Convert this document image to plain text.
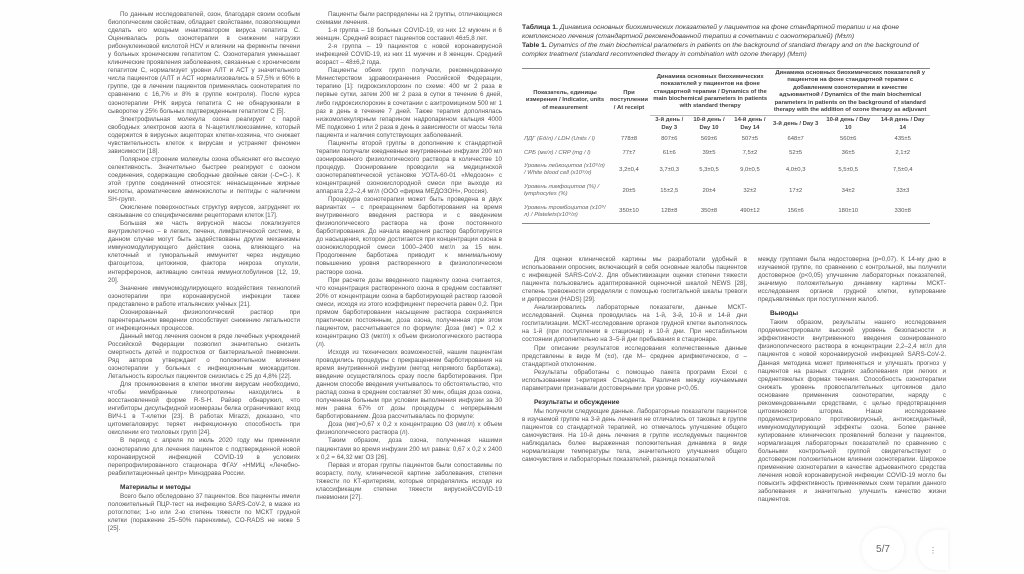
По данным исследователей, озон, благодаря своим особым биологическим свойствам, обладает свойствами, позволяющими сделать его мощным инактиватором вируса гепатита С. Оценивалась роль озонотерапии в снижении нагрузки рибонуклеиновой кислотой HCV и влиянии на ферменты печени у больных хроническим гепатитом С. Озонотерапия уменьшает клинические проявления заболевания, связанные с хроническим гепатитом С, нормализует уровни АЛТ и АСТ у значительного числа пациентов (АЛТ и АСТ нормализовались в 57,5% и 60% в группе, где в лечении пациентов применялась озонотерапия по сравнению с 16,7% и 8% в группе контроля). После курса озонотерапии РНК вируса гепатита С не обнаруживали в сыворотке у 25% больных подтвержденным гепатитом С [5].

Электрофильная молекула озона реагирует с парой свободных электронов азота в N-ацетилглюкозамине, который содержится в вирусных акцепторах клетки-хозяина, что снижает чувствительность клеток к вирусам и устраняет феномен зависимости [18].

Полярное строение молекулы озона объясняет его высокую селективность. Значительно быстрее реагируют с озоном соединения, содержащие свободные двойные связи (-С=С-). К этой группе соединений относятся: ненасыщенные жирные кислоты, ароматические аминокислоты и пептиды с наличием SH-групп.

Окисление поверхностных структур вирусов, затрудняет их связывание со специфическими рецепторами клеток [17].

Большая же часть вирусной массы локализуется внутриклеточно – в легких, печени, лимфатической системе, в данном случае могут быть задействованы другие механизмы иммуномодулирующего действия озона, влияющего на клеточный и гуморальный иммунитет через индукцию фагоцитоза, цитокинов, фактора некроза опухоли, интерферонов, активацию синтеза иммуноглобулинов [12, 19, 20].

Значение иммуномодулирующего воздействия технологий озонотерапии при коронавирусной инфекции также представлено в работе итальянских учёных [21].

Озонированный физиологический раствор при парентеральном введении способствует снижению летальности от инфекционных процессов.

Данный метод лечения озоном в ряде лечебных учреждений Российской Федерации позволил значительно снизить смертность детей и подростков от бактериальной пневмонии. Ряд авторов утверждает о положительном влиянии озонотерапии у больных с инфекционным миокардитом. Летальность взрослых пациентов снизилась с 25 до 4,8% [22].

Для проникновения в клетки многим вирусам необходимо, чтобы мембранные гликопротеины находились в восстановленной форме R-S-H. Райзер обнаружил, что ингибиторы дисульфидной изомеразы белка ограничивают вход ВИЧ-1 в Т-клетки [23]. В работах Mirazzi, доказано, что цитомегаловирус теряет инфекционную способность при окислении его тиоловых групп [24].

В период с апреля по июль 2020 году мы применяли озонотерапию для лечения пациентов с подтвержденной новой коронавирусной инфекцией COVID-19 в условиях перепрофилированного стационара ФГАУ «НМИЦ «Лечебно-реабилитационный центр» Минздрава России.

Материалы и методы

Всего было обследовано 37 пациентов. Все пациенты имели положительный ПЦР-тест на инфекцию SARS-CoV-2, в мазке из ротоглотки; 1-ю или 2-ю степень тяжести по МСКТ грудной клетки (поражение 25–50% паренхимы), CO-RADS не ниже 5 [25].

Пациенты были распределены на 2 группы, отличающиеся схемами лечения.

1-я группа – 18 больных COVID-19, из них 12 мужчин и 6 женщин. Средний возраст пациентов составил 46±5,8 лет.

2-я группа – 19 пациентов с новой коронавирусной инфекцией COVID-19, из них 11 мужчин и 8 женщин. Средний возраст – 48±6,2 года.

Пациенты обеих групп получали, рекомендованную Министерством здравоохранения Российской Федерации, терапию [1]: гидроксихлорохин по схеме: 400 мг 2 раза в первые сутки, затем 200 мг 2 раза в сутки в течение 6 дней, либо гидроксихлорохин в сочетании с азитромицином 500 мг 1 раз в день в течение 7 дней. Также терапия дополнялась низкомолекулярным гепарином надропарином кальция 4000 МЕ подкожно 1 или 2 раза в день в зависимости от массы тела пациента и наличия сопутствующих заболеваний.

Пациенты второй группы в дополнение к стандартной терапии получали ежедневные внутривенные инфузии 200 мл озонированного физиологического раствора в количестве 10 процедур. Озонирование проводили на медицинской озонотерапевтической установке УОТА-60-01 «Медозон» с концентрацией озонокислородной смеси при выходе из аппарата 2,2–2,4 мг/л (ООО «фирма МЕДОЗОН», Россия).

Процедура озонотерапии может быть проведена в двух вариантах – с прекращением барботирования на время внутривенного введения раствора и с введением физиологического раствора на фоне постоянного барботирования. До начала введения раствор барботируется до насыщения, которое достигается при концентрации озона в озонокислородной смеси 1000–2400 мкг/л за 15 мин. Продолжение барботажа приводит к минимальному повышению уровня растворенного в физиологическом растворе озона.

При расчете дозы введенного пациенту озона считается, что концентрация растворенного озона в среднем составляет 20% от концентрации озона в барботирующей раствор газовой смеси, исходя из этого коэффициент пересчета равен 0,2. При прямом барботировании насыщение раствора сохраняется практически постоянным, доза озона, полученная при этом пациентом, рассчитывается по формуле: Доза (мкг) = 0,2 х концентрацию О3 (мкг/л) х объем физиологического раствора (л).

Исходя из технических возможностей, нашим пациентам проводились процедуры с прекращением барботирования на время внутривенной инфузии (метод непрямого барботажа), введение осуществлялось сразу после барботирования. При данном способе введения учитывалось то обстоятельство, что распад озона в среднем составляет 30 мин, общая доза озона, полученная больным при условии выполнения инфузии за 30 мин равна 67% от дозы процедуры с непрерывным барботированием. Доза рассчитывалась по формуле:

Доза (мкг)=0,67 х 0,2 х концентрацию О3 (мкг/л) х объем физиологического раствора (л).

Таким образом, доза озона, полученная нашими пациентами во время инфузии 200 мл равна: 0,67 х 0,2 х 2400 х 0,2 = 64,32 мкг О3 [26].

Первая и вторая группы пациентов были сопоставимы по возрасту, полу, клинической картине заболевания, степени тяжести по КТ-критериям, которые определялись исходя из классификации степени тяжести вирусной/COVID-19 пневмонии [27].

Таблица 1. Динамика основных биохимических показателей у пациентов на фоне стандартной терапии и на фоне комплексного лечения (стандартной рекомендованной терапии в сочетании с озонотерапией) (M±m)
Table 1. Dynamics of the main biochemical parameters in patients on the background of standard therapy and on the background of complex treatment (standard recommended therapy in combination with ozone therapy) (M±m)
Показатель, единицы измерения / Indicator, units of measurement	При поступлении / At receipt	Динамика основных биохимических показателей у пациентов на фоне стандартной терапии / Dynamics of the main biochemical parameters in patients with standard therapy			Динамика основных биохимических показателей у пациентов на фоне стандартной терапии с добавлением озонотерапии в качестве адъювантной / Dynamics of the main biochemical parameters in patients on the background of standard therapy with the addition of ozone therapy as adjuvant		
		3-й день / Day 3	10-й день / Day 10	14-й день / Day 14	3-й день / Day 3	10-й день / Day 10	14-й день / Day 14
ЛДГ (Ед/л) / LDH (Units / l)	778±8	807±6	569±6	507±5	648±7	560±6	435±5
СРБ (мг/л) / CRP (mg / l)	77±7	61±6	39±5	7,5±2	52±5	36±5	2,1±2
Уровень лейкоцитов (х10⁹/л) / White blood cell (х10⁹/л)	3,2±0,4	3,7±0,3	5,3±0,5	9,0±0,5	4,0±0,3	5,5±0,5	7,5±0,4
Уровень лимфоцитов (%) / lymphocytes (%)	20±5	15±2,5	20±4	32±2	17±2	34±2	33±3
Уровень тромбоцитов (х10⁹/л) / Platelets(х10⁹/л)	350±10	128±8	350±8	490±12	156±6	180±10	330±8

Для оценки клинической картины мы разработали удобный в использовании опросник, включающий в себя основные жалобы пациентов с инфекцией SARS-CoV-2. Для объективизации оценки степени тяжести пациента пользовались адаптированной оценочной шкалой NEWS [28], степень тревожности определяли с помощью госпитальной шкалы тревоги и депрессии (HADS) [29].

Анализировались лабораторные показатели, данные МСКТ-исследований. Оценка проводилась на 1-й, 3-й, 10-й и 14-й дни госпитализации. МСКТ-исследование органов грудной клетки выполнялось на 1-й (при поступлении в стационар) и 10-й дни. При нестабильном состоянии дополнительно на 3–5-й дни пребывания в стационаре.

При описании результатов исследования количественные данные представлены в виде М (±σ), где М– среднее арифметическое, σ – стандартной отклонение.

Результаты обработаны с помощью пакета программ Excel с использованием t-критерия Стьюдента. Различия между изучаемыми параметрами признавали достоверными при уровне p<0,05.

Результаты и обсуждение

Мы получили следующие данные. Лабораторные показатели пациентов в изучаемой группе на 3-й день лечения не отличались от таковых в группе пациентов со стандартной терапией, но отмечалось улучшение общего самочувствия. На 10-й день лечения в группе исследуемых пациентов наблюдалась более выраженная положительная динамика в виде нормализации температуры тела, значительного улучшения общего самочувствия и лабораторных показателей, разница показателей

между группами была недостоверна (p=0,07). К 14-му дню в изучаемой группе, по сравнению с контрольной, мы получили достоверное (p<0,05) улучшение лабораторных показателей, значимую положительную динамику картины МСКТ-исследования органов грудной клетки, купирование предъявляемых при поступлении жалоб.

Выводы

Таким образом, результаты нашего исследования продемонстрировали высокий уровень безопасности и эффективности внутривенного введения озонированного физиологического раствора в концентрации 2,2–2,4 мг/л для пациентов с новой коронавирусной инфекцией SARS-CoV-2. Данная методика может применяться и улучшать прогноз у пациентов на разных стадиях заболевания при легких и среднетяжелых формах течения. Способность озонотерапии снижать уровень провоспалительных цитокинов дало основание применения озонотерапии, наряду с рекомендованными средствами, с целью предотвращения цитокинового шторма. Наше исследование продемонстрировало противовирусный, антиоксидантный, иммуномодулирующий эффекты озона. Более раннее купирование клинических проявлений болезни у пациентов, нормализация лабораторных показателей по сравнению с больными контрольной группой свидетельствуют о достоверном положительном влиянии озонотерапии. Широкое применение озонотерапии в качестве адъювантного средства лечения новой коронавирусной инфекции COVID-19 могло бы повысить эффективность применяемых схем терапии данного заболевания и значительно улучшить качество жизни пациентов.

5/7	⋮
